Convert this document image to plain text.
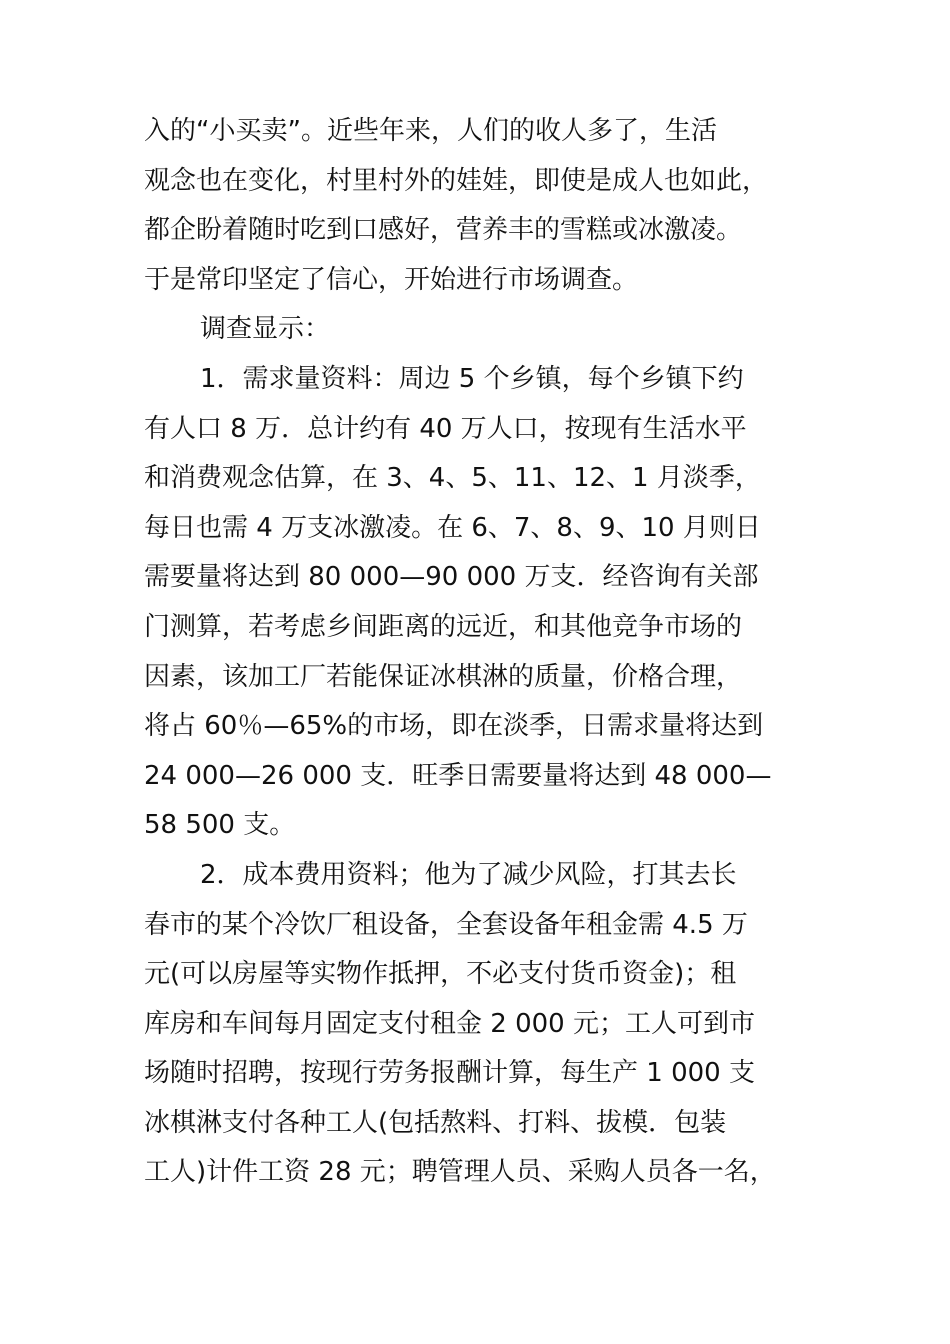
入的“小买卖”。近些年来，人们的收人多了，生活
观念也在变化，村里村外的娃娃，即使是成人也如此，
都企盼着随时吃到口感好，营养丰的雪糕或冰激凌。
于是常印坚定了信心，开始进行市场调查。
调查显示：
1．需求量资料：周边 5 个乡镇，每个乡镇下约
有人口 8 万．总计约有 40 万人口，按现有生活水平
和消费观念估算，在 3、4、5、11、12、1 月淡季，
每日也需 4 万支冰激凌。在 6、7、8、9、10 月则日
需要量将达到 80 000—90 000 万支．经咨询有关部
门测算，若考虑乡间距离的远近，和其他竞争市场的
因素，该加工厂若能保证冰棋淋的质量，价格合理，
将占 60％—65%的市场，即在淡季，日需求量将达到
24 000—26 000 支．旺季日需要量将达到 48 000—
58 500 支。
2．成本费用资料；他为了减少风险，打其去长
春市的某个冷饮厂租设备，全套设备年租金需 4.5 万
元(可以房屋等实物作抵押，不必支付货币资金)；租
库房和车间每月固定支付租金 2 000 元；工人可到市
场随时招聘，按现行劳务报酬计算，每生产 1 000 支
冰棋淋支付各种工人(包括熬料、打料、拔模．包装
工人)计件工资 28 元；聘管理人员、采购人员各一名，
